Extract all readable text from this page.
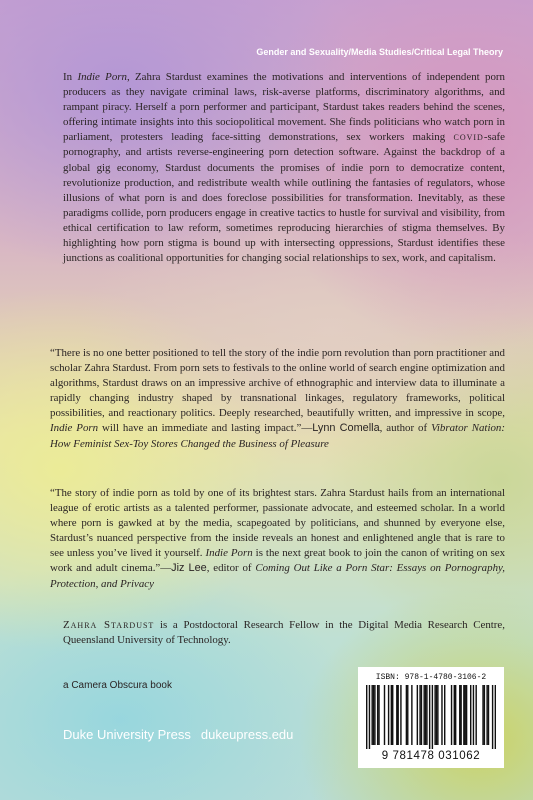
Gender and Sexuality/Media Studies/Critical Legal Theory

In Indie Porn, Zahra Stardust examines the motivations and interventions of independent porn producers as they navigate criminal laws, risk-averse platforms, discriminatory algorithms, and rampant piracy. Herself a porn performer and participant, Stardust takes readers behind the scenes, offering intimate insights into this sociopolitical movement. She finds politicians who watch porn in parliament, protesters leading face-sitting demonstrations, sex workers making covid-safe pornography, and artists reverse-engineering porn detection software. Against the backdrop of a global gig economy, Stardust documents the promises of indie porn to democratize content, revolutionize production, and redistribute wealth while outlining the fantasies of regulators, whose illusions of what porn is and does foreclose possibilities for transformation. Inevitably, as these paradigms collide, porn producers engage in creative tactics to hustle for survival and visibility, from ethical certification to law reform, sometimes reproducing hierarchies of stigma themselves. By highlighting how porn stigma is bound up with intersecting oppressions, Stardust identifies these junctions as coalitional opportunities for changing social relationships to sex, work, and capitalism.

“There is no one better positioned to tell the story of the indie porn revolution than porn practitioner and scholar Zahra Stardust. From porn sets to festivals to the online world of search engine optimization and algorithms, Stardust draws on an impressive archive of ethnographic and interview data to illuminate a rapidly changing industry shaped by transnational linkages, regulatory frameworks, political possibilities, and reactionary politics. Deeply researched, beautifully written, and impressive in scope, Indie Porn will have an immediate and lasting impact.”—Lynn Comella, author of Vibrator Nation: How Feminist Sex-Toy Stores Changed the Business of Pleasure

“The story of indie porn as told by one of its brightest stars. Zahra Stardust hails from an international league of erotic artists as a talented performer, passionate advocate, and esteemed scholar. In a world where porn is gawked at by the media, scapegoated by politicians, and shunned by everyone else, Stardust’s nuanced perspective from the inside reveals an honest and enlightened angle that is rare to see unless you’ve lived it yourself. Indie Porn is the next great book to join the canon of writing on sex work and adult cinema.”—Jiz Lee, editor of Coming Out Like a Porn Star: Essays on Pornography, Protection, and Privacy

Zahra Stardust is a Postdoctoral Research Fellow in the Digital Media Research Centre, Queensland University of Technology.

a Camera Obscura book
Duke University Press dukeupress.edu
ISBN: 978-1-4780-3106-2
9 781478 031062
